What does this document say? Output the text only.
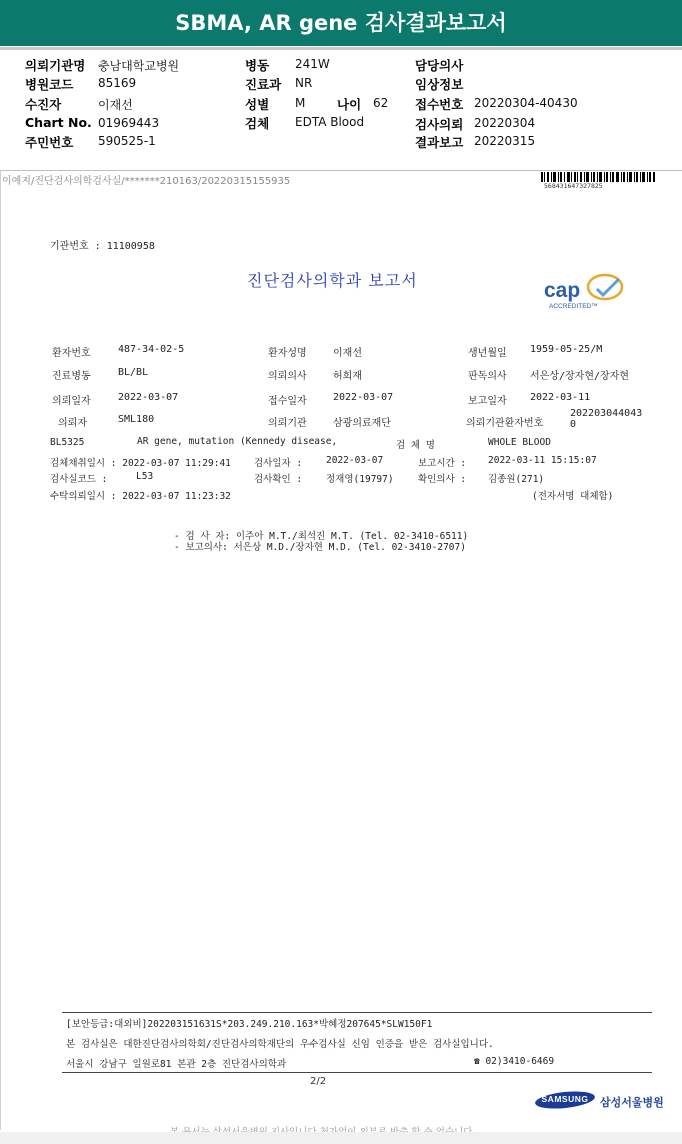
SBMA, AR gene 검사결과보고서
의뢰기관명 충남대학교병원
병원코드 85169
수진자	이재선
Chart No. 01969443
주민번호 590525-1
병동 241W
진료과 NR
성별 M	나이 62
검체 EDTA Blood
담당의사
임상정보
접수번호 20220304-40430
검사의뢰 20220304
결과보고 20220315
이예지/진단검사의학검사실/*******210163/20220315155935	568431647327825
기관번호 : 11100958
진단검사의학과 보고서	cap
ACCREDITED™
환자번호	487-34-02-5	환자성명	이재선	생년월일 1959-05-25/M
진료병동	BL/BL	의뢰의사	허희재	판독의사 서은상/장자현/장자현
의뢰일자	2022-03-07	접수일자	2022-03-07	보고일자 2022-03-11
의뢰자	SML180	의뢰기관	삼광의료재단	의뢰기관환자번호
202203044043
0
BL5325	AR gene, mutation (Kennedy disease,	검 체 명	WHOLE BLOOD
검체채취일시 : 2022-03-07 11:29:41 검사일자 :	2022-03-07	보고시간 : 2022-03-11 15:15:07
검사실코드 :	L53	검사확인 :	정재영(19797)	확인의사 : 김종원(271)
수탁의뢰일시 : 2022-03-07 11:23:32	(전자서명 대체함)
- 검 사 자: 이주아 M.T./최석진 M.T. (Tel. 02-3410-6511)
- 보고의사: 서은상 M.D./장자현 M.D. (Tel. 02-3410-2707)
[보안등급:대외비]202203151631S*203.249.210.163*박혜정207645*SLW150F1
본 검사실은 대한진단검사의학회/진단검사의학재단의 우수검사실 신임 인증을 받은 검사실입니다.
서울시 강남구 일원로81 본관 2층 진단검사의학과	☎ 02)3410-6469
2/2
SAMSUNG	삼성서울병원
